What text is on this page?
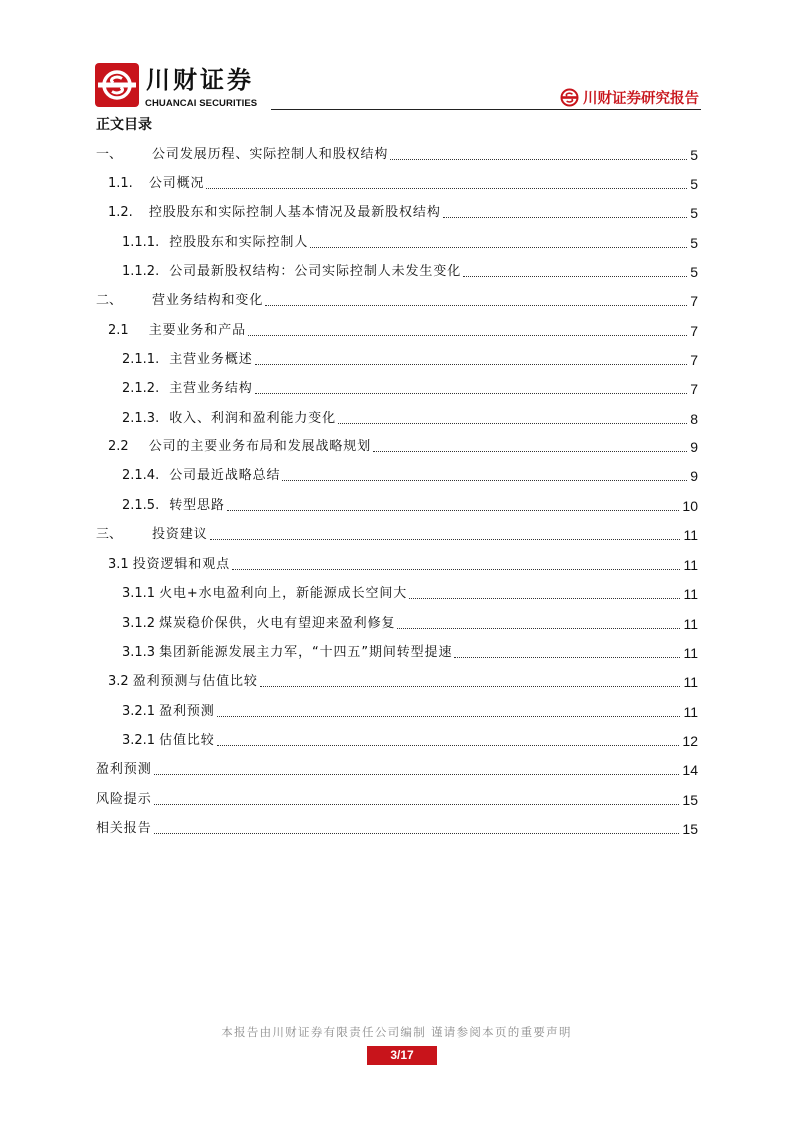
川财证券
CHUANCAI SECURITIES	川财证券研究报告
正文目录
一、 公司发展历程、实际控制人和股权结构	5
1.1. 公司概况	5
1.2. 控股股东和实际控制人基本情况及最新股权结构	5
1.1.1. 控股股东和实际控制人	5
1.1.2. 公司最新股权结构：公司实际控制人未发生变化	5
二、 营业务结构和变化	7
2.1 主要业务和产品	7
2.1.1. 主营业务概述	7
2.1.2. 主营业务结构	7
2.1.3. 收入、利润和盈利能力变化	8
2.2 公司的主要业务布局和发展战略规划	9
2.1.4. 公司最近战略总结	9
2.1.5. 转型思路	10
三、 投资建议	11
3.1 投资逻辑和观点	11
3.1.1 火电+水电盈利向上，新能源成长空间大	11
3.1.2 煤炭稳价保供，火电有望迎来盈利修复	11
3.1.3 集团新能源发展主力军，“十四五”期间转型提速	11
3.2 盈利预测与估值比较	11
3.2.1 盈利预测	11
3.2.1 估值比较	12
盈利预测	14
风险提示	15
相关报告	15
本报告由川财证券有限责任公司编制 谨请参阅本页的重要声明
3/17
